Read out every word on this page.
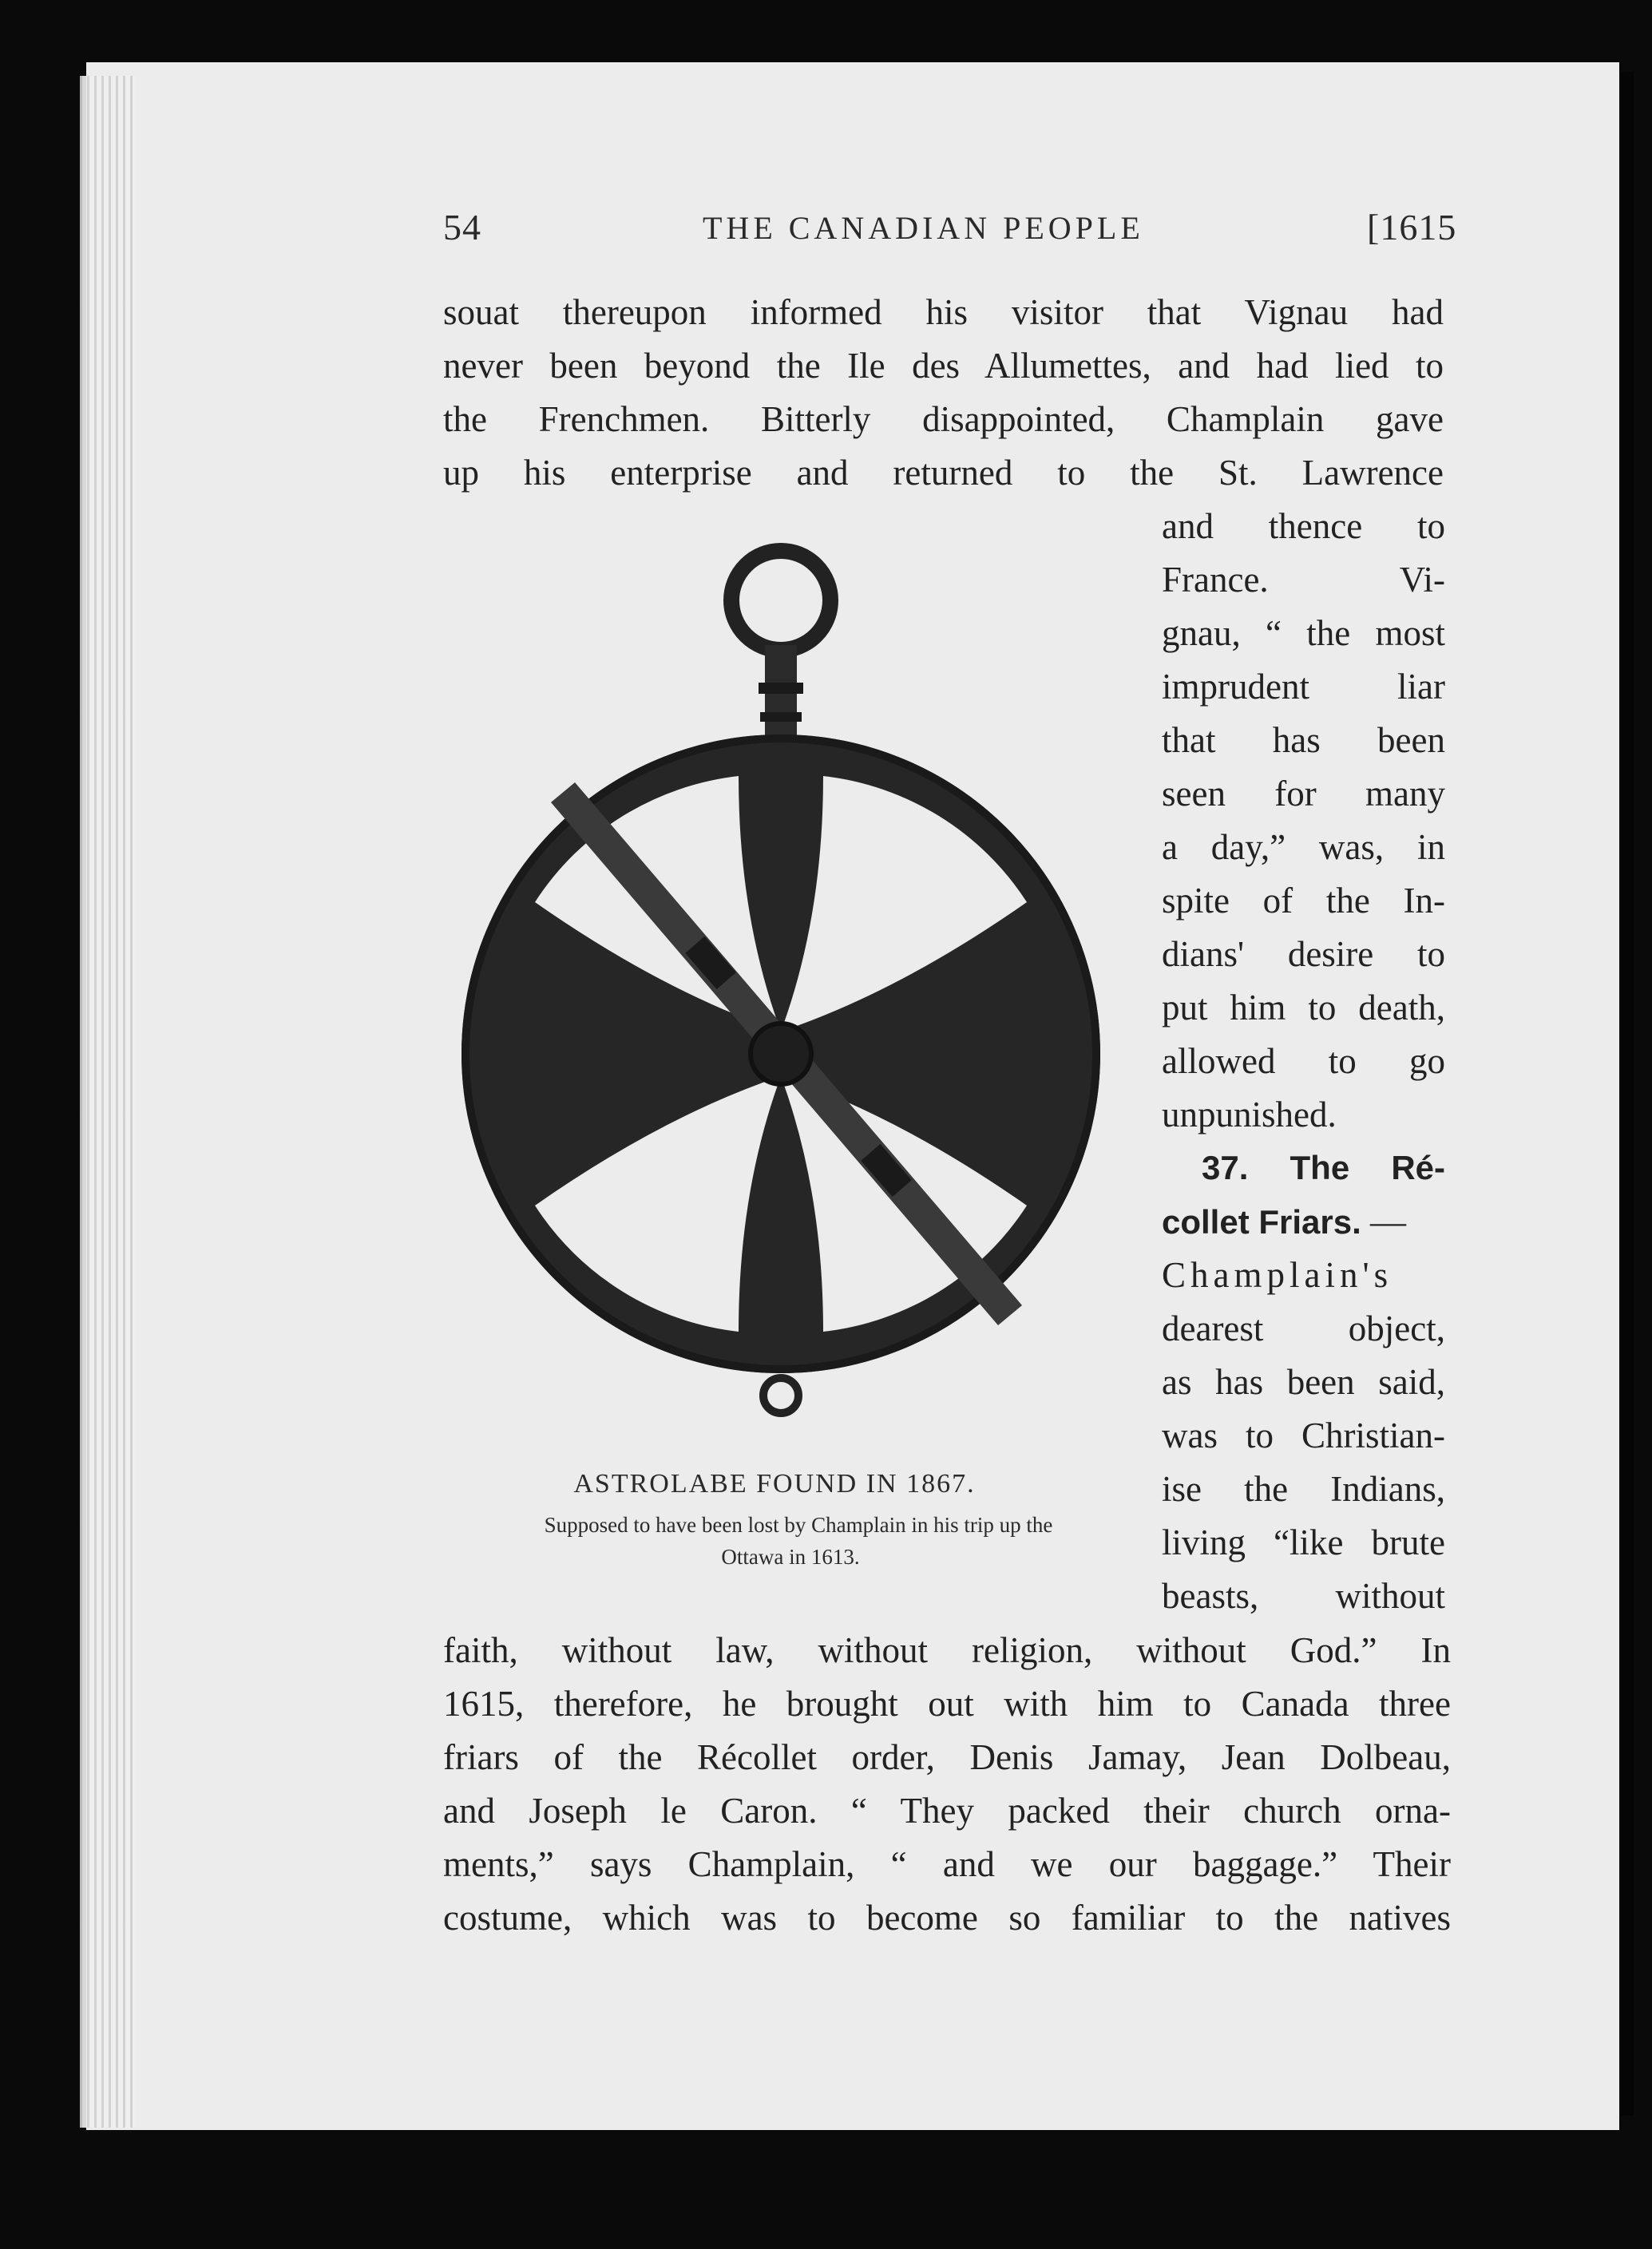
54	THE CANADIAN PEOPLE	[1615
souat thereupon informed his visitor that Vignau had
never been beyond the Ile des Allumettes, and had lied to
the Frenchmen. Bitterly disappointed, Champlain gave
up his enterprise and returned to the St. Lawrence
and thence to
France. Vi-
gnau, “ the most
imprudent liar
that has been
seen for many
a day,” was, in
spite of the In-
dians' desire to
put him to death,
allowed to go
unpunished.
37. The Ré-
collet Friars. —
Champlain's
dearest object,
as has been said,
was to Christian-
ise the Indians,
living “like brute
beasts, without
faith, without law, without religion, without God.” In
1615, therefore, he brought out with him to Canada three
friars of the Récollet order, Denis Jamay, Jean Dolbeau,
and Joseph le Caron. “ They packed their church orna-
ments,” says Champlain, “ and we our baggage.” Their
costume, which was to become so familiar to the natives
ASTROLABE FOUND IN 1867.
Supposed to have been lost by Champlain in his trip up the
Ottawa in 1613.
